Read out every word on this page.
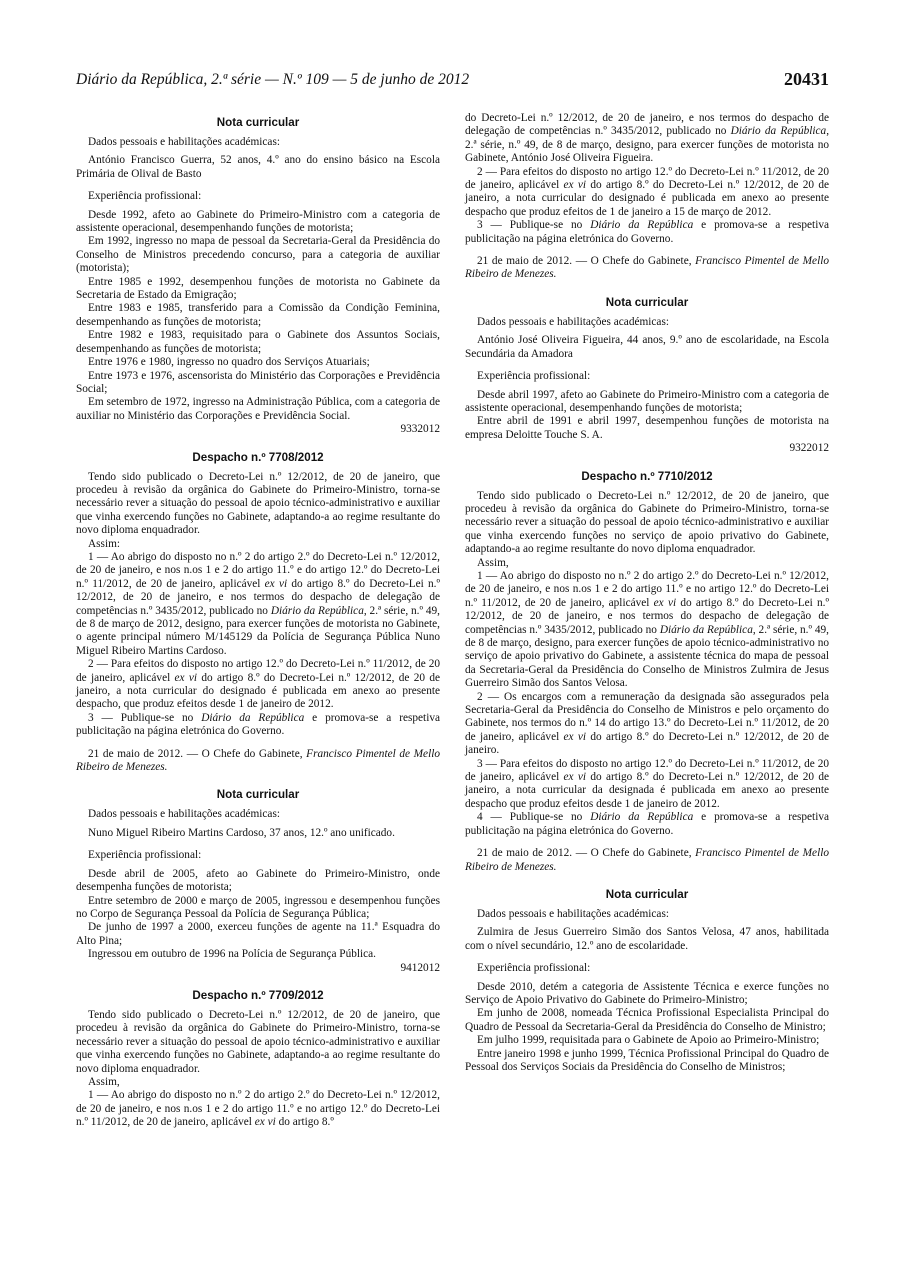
Diário da República, 2.ª série — N.º 109 — 5 de junho de 2012	20431
Nota curricular

Dados pessoais e habilitações académicas:

António Francisco Guerra, 52 anos, 4.º ano do ensino básico na Escola Primária de Olival de Basto

Experiência profissional:

Desde 1992, afeto ao Gabinete do Primeiro-Ministro com a categoria de assistente operacional, desempenhando funções de motorista;

Em 1992, ingresso no mapa de pessoal da Secretaria-Geral da Presidência do Conselho de Ministros precedendo concurso, para a categoria de auxiliar (motorista);

Entre 1985 e 1992, desempenhou funções de motorista no Gabinete da Secretaria de Estado da Emigração;

Entre 1983 e 1985, transferido para a Comissão da Condição Feminina, desempenhando as funções de motorista;

Entre 1982 e 1983, requisitado para o Gabinete dos Assuntos Sociais, desempenhando as funções de motorista;

Entre 1976 e 1980, ingresso no quadro dos Serviços Atuariais;

Entre 1973 e 1976, ascensorista do Ministério das Corporações e Previdência Social;

Em setembro de 1972, ingresso na Administração Pública, com a categoria de auxiliar no Ministério das Corporações e Previdência Social.

9332012
Despacho n.º 7708/2012

Tendo sido publicado o Decreto-Lei n.º 12/2012, de 20 de janeiro, que procedeu à revisão da orgânica do Gabinete do Primeiro-Ministro, torna-se necessário rever a situação do pessoal de apoio técnico-administrativo e auxiliar que vinha exercendo funções no Gabinete, adaptando-a ao regime resultante do novo diploma enquadrador.

Assim:

1 — Ao abrigo do disposto no n.º 2 do artigo 2.º do Decreto-Lei n.º 12/2012, de 20 de janeiro, e nos n.os 1 e 2 do artigo 11.º e do artigo 12.º do Decreto-Lei n.º 11/2012, de 20 de janeiro, aplicável ex vi do artigo 8.º do Decreto-Lei n.º 12/2012, de 20 de janeiro, e nos termos do despacho de delegação de competências n.º 3435/2012, publicado no Diário da República, 2.ª série, n.º 49, de 8 de março de 2012, designo, para exercer funções de motorista no Gabinete, o agente principal número M/145129 da Polícia de Segurança Pública Nuno Miguel Ribeiro Martins Cardoso.

2 — Para efeitos do disposto no artigo 12.º do Decreto-Lei n.º 11/2012, de 20 de janeiro, aplicável ex vi do artigo 8.º do Decreto-Lei n.º 12/2012, de 20 de janeiro, a nota curricular do designado é publicada em anexo ao presente despacho, que produz efeitos desde 1 de janeiro de 2012.

3 — Publique-se no Diário da República e promova-se a respetiva publicitação na página eletrónica do Governo.

21 de maio de 2012. — O Chefe do Gabinete, Francisco Pimentel de Mello Ribeiro de Menezes.

Nota curricular

Dados pessoais e habilitações académicas:

Nuno Miguel Ribeiro Martins Cardoso, 37 anos, 12.º ano unificado.

Experiência profissional:

Desde abril de 2005, afeto ao Gabinete do Primeiro-Ministro, onde desempenha funções de motorista;

Entre setembro de 2000 e março de 2005, ingressou e desempenhou funções no Corpo de Segurança Pessoal da Polícia de Segurança Pública;

De junho de 1997 a 2000, exerceu funções de agente na 11.ª Esquadra do Alto Pina;

Ingressou em outubro de 1996 na Polícia de Segurança Pública.

9412012
Despacho n.º 7709/2012

Tendo sido publicado o Decreto-Lei n.º 12/2012, de 20 de janeiro, que procedeu à revisão da orgânica do Gabinete do Primeiro-Ministro, torna-se necessário rever a situação do pessoal de apoio técnico-administrativo e auxiliar que vinha exercendo funções no Gabinete, adaptando-a ao regime resultante do novo diploma enquadrador.

Assim,

1 — Ao abrigo do disposto no n.º 2 do artigo 2.º do Decreto-Lei n.º 12/2012, de 20 de janeiro, e nos n.os 1 e 2 do artigo 11.º e no artigo 12.º do Decreto-Lei n.º 11/2012, de 20 de janeiro, aplicável ex vi do artigo 8.º

do Decreto-Lei n.º 12/2012, de 20 de janeiro, e nos termos do despacho de delegação de competências n.º 3435/2012, publicado no Diário da República, 2.ª série, n.º 49, de 8 de março, designo, para exercer funções de motorista no Gabinete, António José Oliveira Figueira.

2 — Para efeitos do disposto no artigo 12.º do Decreto-Lei n.º 11/2012, de 20 de janeiro, aplicável ex vi do artigo 8.º do Decreto-Lei n.º 12/2012, de 20 de janeiro, a nota curricular do designado é publicada em anexo ao presente despacho que produz efeitos de 1 de janeiro a 15 de março de 2012.

3 — Publique-se no Diário da República e promova-se a respetiva publicitação na página eletrónica do Governo.

21 de maio de 2012. — O Chefe do Gabinete, Francisco Pimentel de Mello Ribeiro de Menezes.

Nota curricular

Dados pessoais e habilitações académicas:

António José Oliveira Figueira, 44 anos, 9.º ano de escolaridade, na Escola Secundária da Amadora

Experiência profissional:

Desde abril 1997, afeto ao Gabinete do Primeiro-Ministro com a categoria de assistente operacional, desempenhando funções de motorista;

Entre abril de 1991 e abril 1997, desempenhou funções de motorista na empresa Deloitte Touche S. A.

9322012
Despacho n.º 7710/2012

Tendo sido publicado o Decreto-Lei n.º 12/2012, de 20 de janeiro, que procedeu à revisão da orgânica do Gabinete do Primeiro-Ministro, torna-se necessário rever a situação do pessoal de apoio técnico-administrativo e auxiliar que vinha exercendo funções no serviço de apoio privativo do Gabinete, adaptando-a ao regime resultante do novo diploma enquadrador.

Assim,

1 — Ao abrigo do disposto no n.º 2 do artigo 2.º do Decreto-Lei n.º 12/2012, de 20 de janeiro, e nos n.os 1 e 2 do artigo 11.º e no artigo 12.º do Decreto-Lei n.º 11/2012, de 20 de janeiro, aplicável ex vi do artigo 8.º do Decreto-Lei n.º 12/2012, de 20 de janeiro, e nos termos do despacho de delegação de competências n.º 3435/2012, publicado no Diário da República, 2.ª série, n.º 49, de 8 de março, designo, para exercer funções de apoio técnico-administrativo no serviço de apoio privativo do Gabinete, a assistente técnica do mapa de pessoal da Secretaria-Geral da Presidência do Conselho de Ministros Zulmira de Jesus Guerreiro Simão dos Santos Velosa.

2 — Os encargos com a remuneração da designada são assegurados pela Secretaria-Geral da Presidência do Conselho de Ministros e pelo orçamento do Gabinete, nos termos do n.º 14 do artigo 13.º do Decreto-Lei n.º 11/2012, de 20 de janeiro, aplicável ex vi do artigo 8.º do Decreto-Lei n.º 12/2012, de 20 de janeiro.

3 — Para efeitos do disposto no artigo 12.º do Decreto-Lei n.º 11/2012, de 20 de janeiro, aplicável ex vi do artigo 8.º do Decreto-Lei n.º 12/2012, de 20 de janeiro, a nota curricular da designada é publicada em anexo ao presente despacho que produz efeitos desde 1 de janeiro de 2012.

4 — Publique-se no Diário da República e promova-se a respetiva publicitação na página eletrónica do Governo.

21 de maio de 2012. — O Chefe do Gabinete, Francisco Pimentel de Mello Ribeiro de Menezes.

Nota curricular

Dados pessoais e habilitações académicas:

Zulmira de Jesus Guerreiro Simão dos Santos Velosa, 47 anos, habilitada com o nível secundário, 12.º ano de escolaridade.

Experiência profissional:

Desde 2010, detém a categoria de Assistente Técnica e exerce funções no Serviço de Apoio Privativo do Gabinete do Primeiro-Ministro;

Em junho de 2008, nomeada Técnica Profissional Especialista Principal do Quadro de Pessoal da Secretaria-Geral da Presidência do Conselho de Ministro;

Em julho 1999, requisitada para o Gabinete de Apoio ao Primeiro-Ministro;

Entre janeiro 1998 e junho 1999, Técnica Profissional Principal do Quadro de Pessoal dos Serviços Sociais da Presidência do Conselho de Ministros;
